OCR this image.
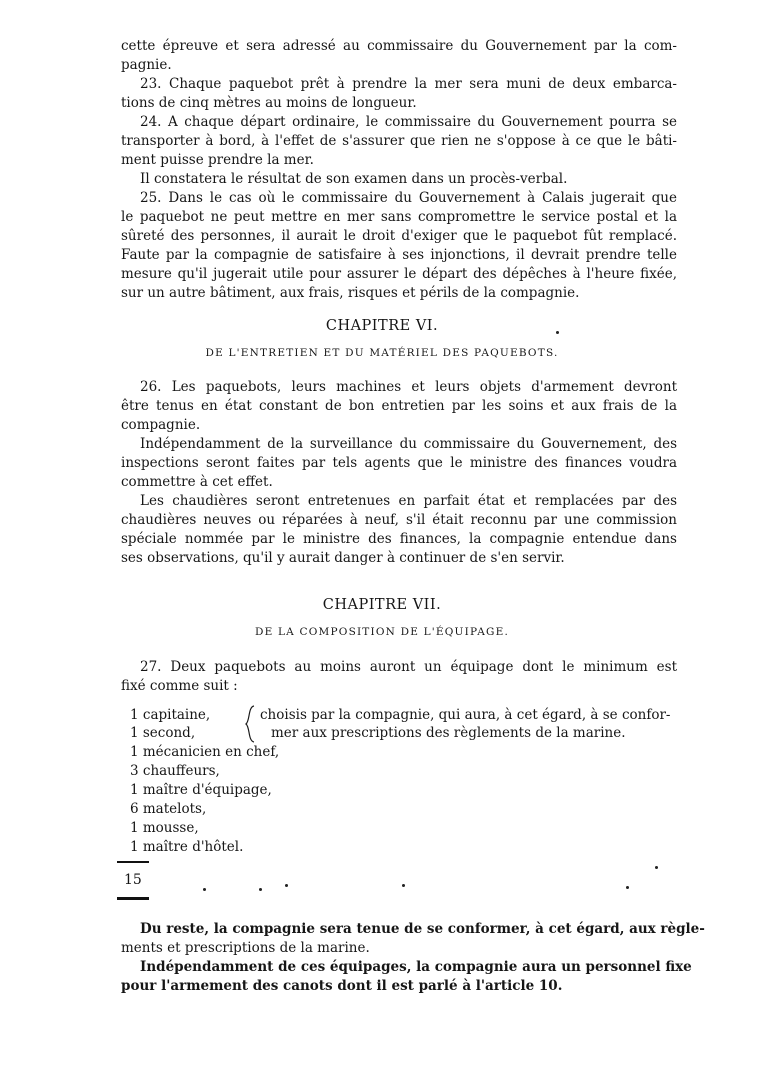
cette épreuve et sera adressé au commissaire du Gouvernement par la com-
pagnie.
23. Chaque paquebot prêt à prendre la mer sera muni de deux embarca-
tions de cinq mètres au moins de longueur.
24. A chaque départ ordinaire, le commissaire du Gouvernement pourra se
transporter à bord, à l'effet de s'assurer que rien ne s'oppose à ce que le bâti-
ment puisse prendre la mer.
Il constatera le résultat de son examen dans un procès-verbal.
25. Dans le cas où le commissaire du Gouvernement à Calais jugerait que
le paquebot ne peut mettre en mer sans compromettre le service postal et la
sûreté des personnes, il aurait le droit d'exiger que le paquebot fût remplacé.
Faute par la compagnie de satisfaire à ses injonctions, il devrait prendre telle
mesure qu'il jugerait utile pour assurer le départ des dépêches à l'heure fixée,
sur un autre bâtiment, aux frais, risques et périls de la compagnie.
CHAPITRE VI.
DE L'ENTRETIEN ET DU MATÉRIEL DES PAQUEBOTS.
26. Les paquebots, leurs machines et leurs objets d'armement devront
être tenus en état constant de bon entretien par les soins et aux frais de la
compagnie.
Indépendamment de la surveillance du commissaire du Gouvernement, des
inspections seront faites par tels agents que le ministre des finances voudra
commettre à cet effet.
Les chaudières seront entretenues en parfait état et remplacées par des
chaudières neuves ou réparées à neuf, s'il était reconnu par une commission
spéciale nommée par le ministre des finances, la compagnie entendue dans
ses observations, qu'il y aurait danger à continuer de s'en servir.
CHAPITRE VII.
DE LA COMPOSITION DE L'ÉQUIPAGE.
27. Deux paquebots au moins auront un équipage dont le minimum est
fixé comme suit :
1 capitaine,
1 second,
1 mécanicien en chef,
3 chauffeurs,
1 maître d'équipage,
6 matelots,
1 mousse,
1 maître d'hôtel.
choisis par la compagnie, qui aura, à cet égard, à se confor-
mer aux prescriptions des règlements de la marine.
15
Du reste, la compagnie sera tenue de se conformer, à cet égard, aux règle-
ments et prescriptions de la marine.
Indépendamment de ces équipages, la compagnie aura un personnel fixe
pour l'armement des canots dont il est parlé à l'article 10.
